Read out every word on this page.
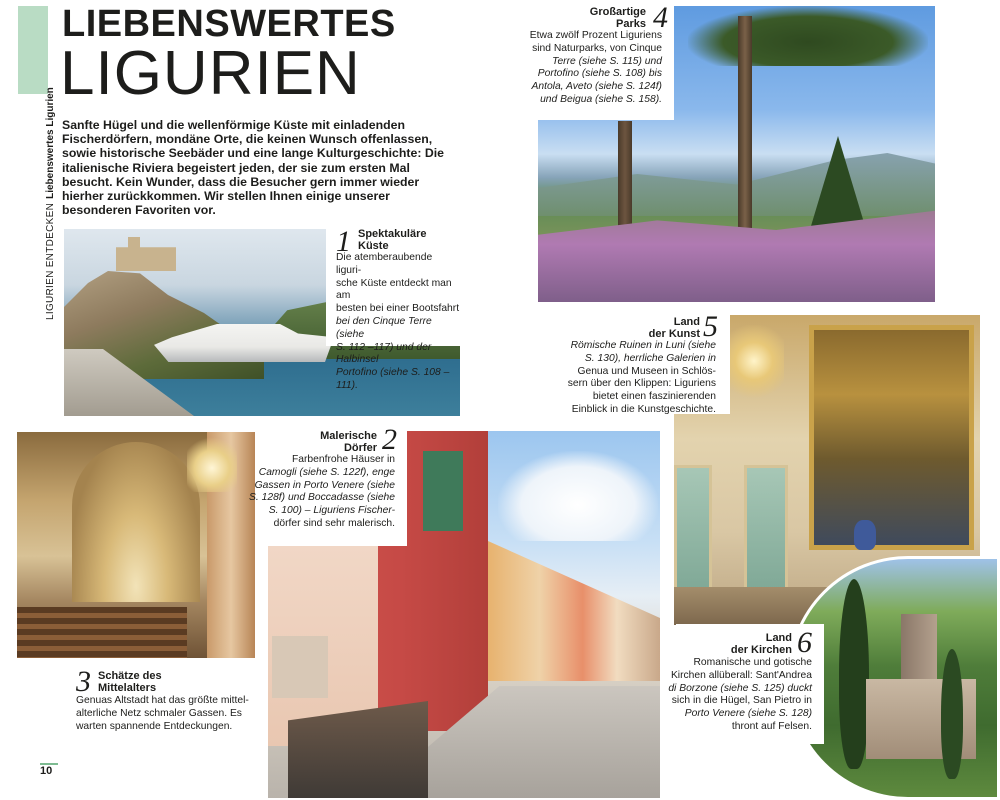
LIEBENSWERTES
LIGURIEN
LIGURIEN ENTDECKENLiebenswertes Ligurien Sanfte Hügel und die wellenförmige Küste mit einladenden Fischerdörfern, mondäne Orte, die keinen Wunsch offenlassen, sowie historische Seebäder und eine lange Kulturgeschichte: Die italienische Riviera begeistert jeden, der sie zum ersten Mal besucht. Kein Wunder, dass die Besucher gern immer wieder hierher zurückkommen. Wir stellen Ihnen einige unserer besonderen Favoriten vor.
1 Spektakuläre
Küste
Die atemberaubende liguri-
sche Küste entdeckt man am
besten bei einer Bootsfahrt
bei den Cinque Terre (siehe
S. 112 –117) und der Halbinsel
Portofino (siehe S. 108 –111).
Großartige
Parks 4
Etwa zwölf Prozent Liguriens
sind Naturparks, von Cinque
Terre (siehe S. 115) und
Portofino (siehe S. 108) bis
Antola, Aveto (siehe S. 124f)
und Beigua (siehe S. 158).
Land
der Kunst 5
Römische Ruinen in Luni (siehe
S. 130), herrliche Galerien in
Genua und Museen in Schlös-
sern über den Klippen: Liguriens
bietet einen faszinierenden
Einblick in die Kunstgeschichte.
Malerische
Dörfer 2
Farbenfrohe Häuser in
Camogli (siehe S. 122f), enge
Gassen in Porto Venere (siehe
S. 128f) und Boccadasse (siehe
S. 100) – Liguriens Fischer-
dörfer sind sehr malerisch.
3 Schätze des
Mittelalters
Genuas Altstadt hat das größte mittel-
alterliche Netz schmaler Gassen. Es
warten spannende Entdeckungen.
Land
der Kirchen 6
Romanische und gotische
Kirchen allüberall: Sant'Andrea
di Borzone (siehe S. 125) duckt
sich in die Hügel, San Pietro in
Porto Venere (siehe S. 128)
thront auf Felsen.
10
